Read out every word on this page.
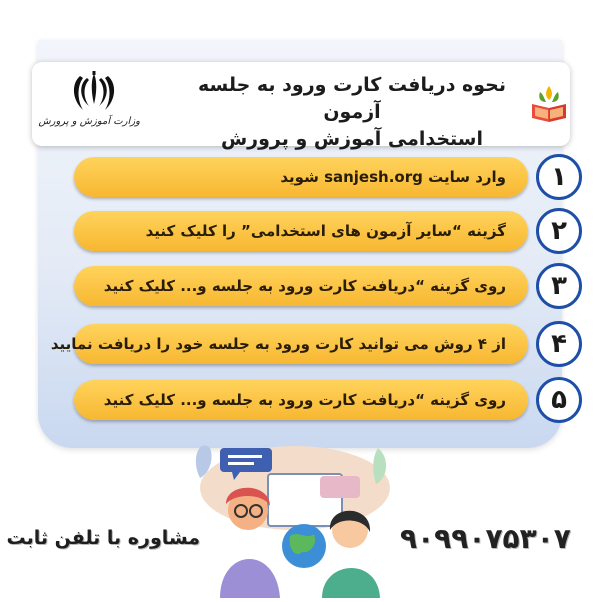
وزارت آموزش و پرورش
نحوه دریافت کارت ورود به جلسه آزمون
استخدامی آموزش و پرورش
وارد سایت sanjesh.org شوید	۱
گزینه “سایر آزمون های استخدامی” را کلیک کنید	۲
روی گزینه “دریافت کارت ورود به جلسه و... کلیک کنید	۳
از ۴ روش می توانید کارت ورود به جلسه خود را دریافت نمایید	۴
روی گزینه “دریافت کارت ورود به جلسه و... کلیک کنید	۵
مشاوره با تلفن ثابت	۹۰۹۹۰۷۵۳۰۷
